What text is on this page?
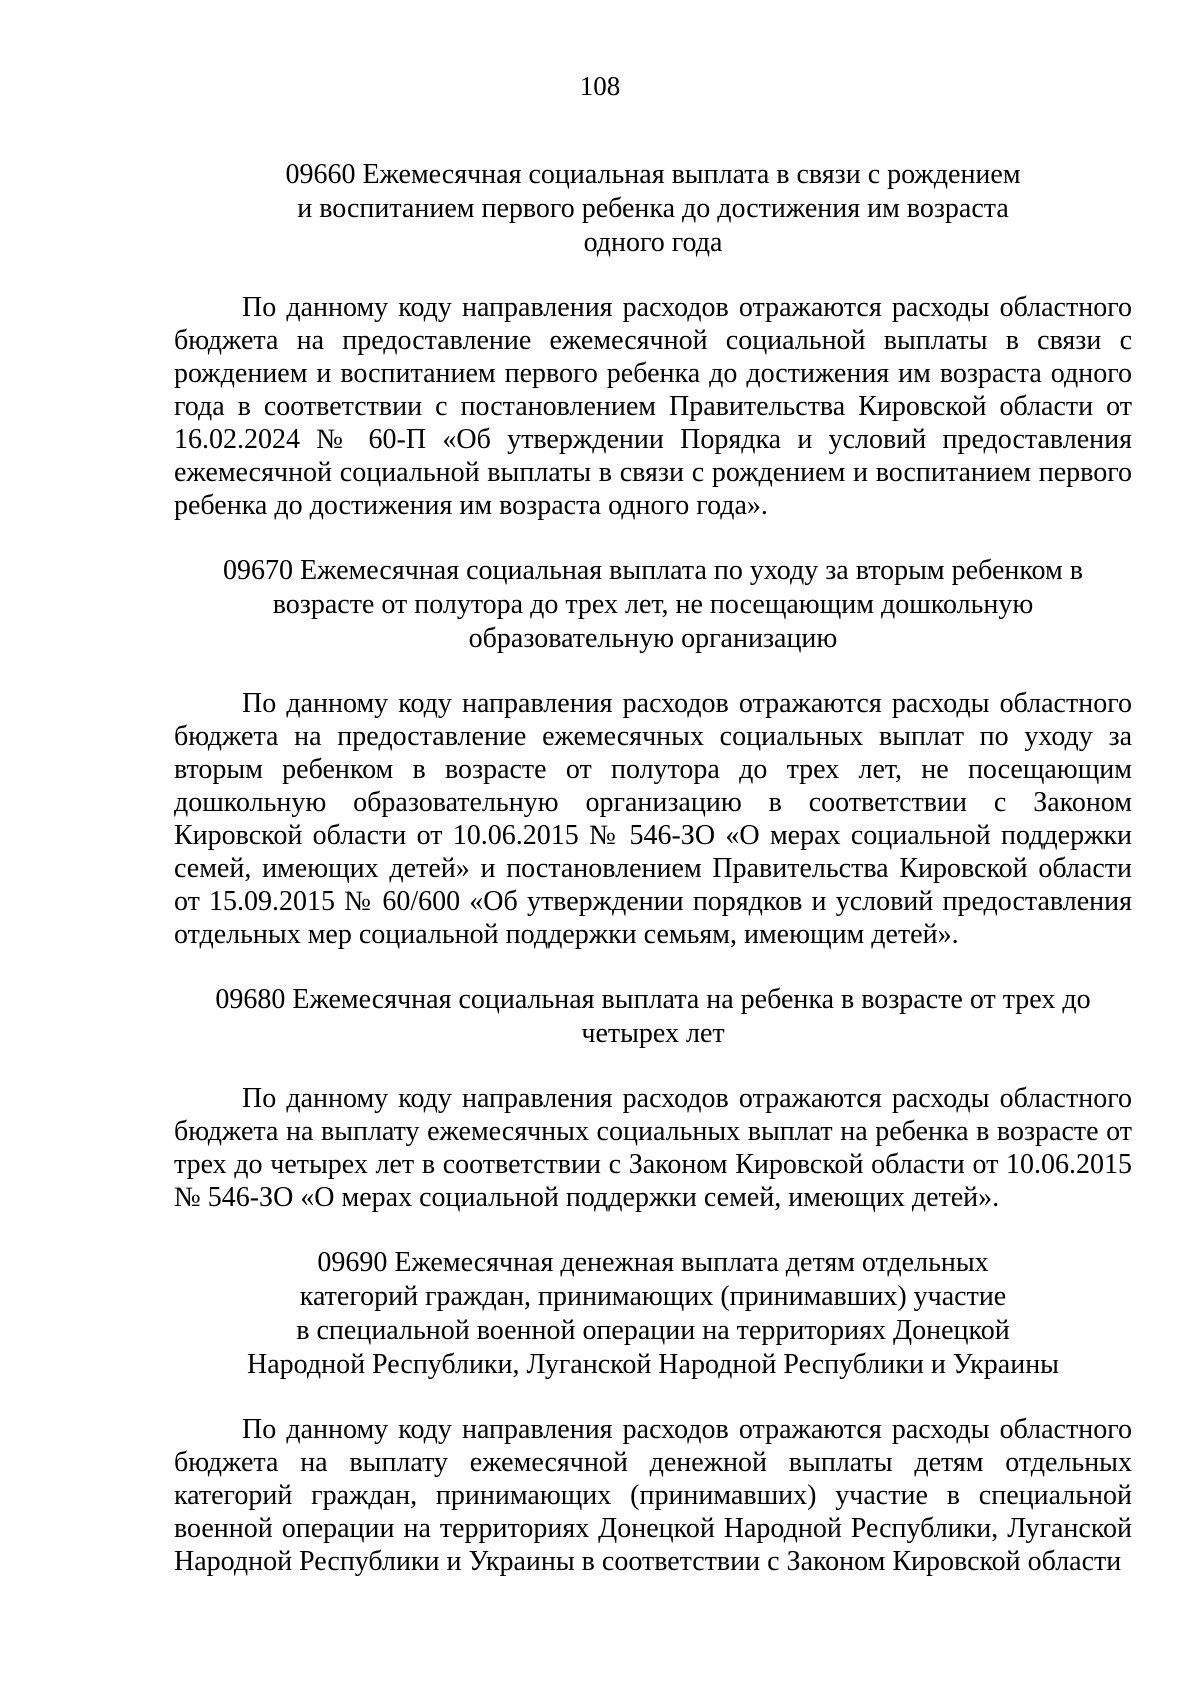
108
09660 Ежемесячная социальная выплата в связи с рождением
и воспитанием первого ребенка до достижения им возраста
одного года

По данному коду направления расходов отражаются расходы областного бюджета на предоставление ежемесячной социальной выплаты в связи с рождением и воспитанием первого ребенка до достижения им возраста одного года в соответствии с постановлением Правительства Кировской области от 16.02.2024 № 60-П «Об утверждении Порядка и условий предоставления ежемесячной социальной выплаты в связи с рождением и воспитанием первого ребенка до достижения им возраста одного года».

09670 Ежемесячная социальная выплата по уходу за вторым ребенком в
возрасте от полутора до трех лет, не посещающим дошкольную
образовательную организацию

По данному коду направления расходов отражаются расходы областного бюджета на предоставление ежемесячных социальных выплат по уходу за вторым ребенком в возрасте от полутора до трех лет, не посещающим дошкольную образовательную организацию в соответствии с Законом Кировской области от 10.06.2015 № 546-ЗО «О мерах социальной поддержки семей, имеющих детей» и постановлением Правительства Кировской области от 15.09.2015 № 60/600 «Об утверждении порядков и условий предоставления отдельных мер социальной поддержки семьям, имеющим детей».

09680 Ежемесячная социальная выплата на ребенка в возрасте от трех до
четырех лет

По данному коду направления расходов отражаются расходы областного бюджета на выплату ежемесячных социальных выплат на ребенка в возрасте от трех до четырех лет в соответствии с Законом Кировской области от 10.06.2015 № 546-ЗО «О мерах социальной поддержки семей, имеющих детей».

09690 Ежемесячная денежная выплата детям отдельных
категорий граждан, принимающих (принимавших) участие
в специальной военной операции на территориях Донецкой
Народной Республики, Луганской Народной Республики и Украины

По данному коду направления расходов отражаются расходы областного бюджета на выплату ежемесячной денежной выплаты детям отдельных категорий граждан, принимающих (принимавших) участие в специальной военной операции на территориях Донецкой Народной Республики, Луганской Народной Республики и Украины в соответствии с Законом Кировской области
